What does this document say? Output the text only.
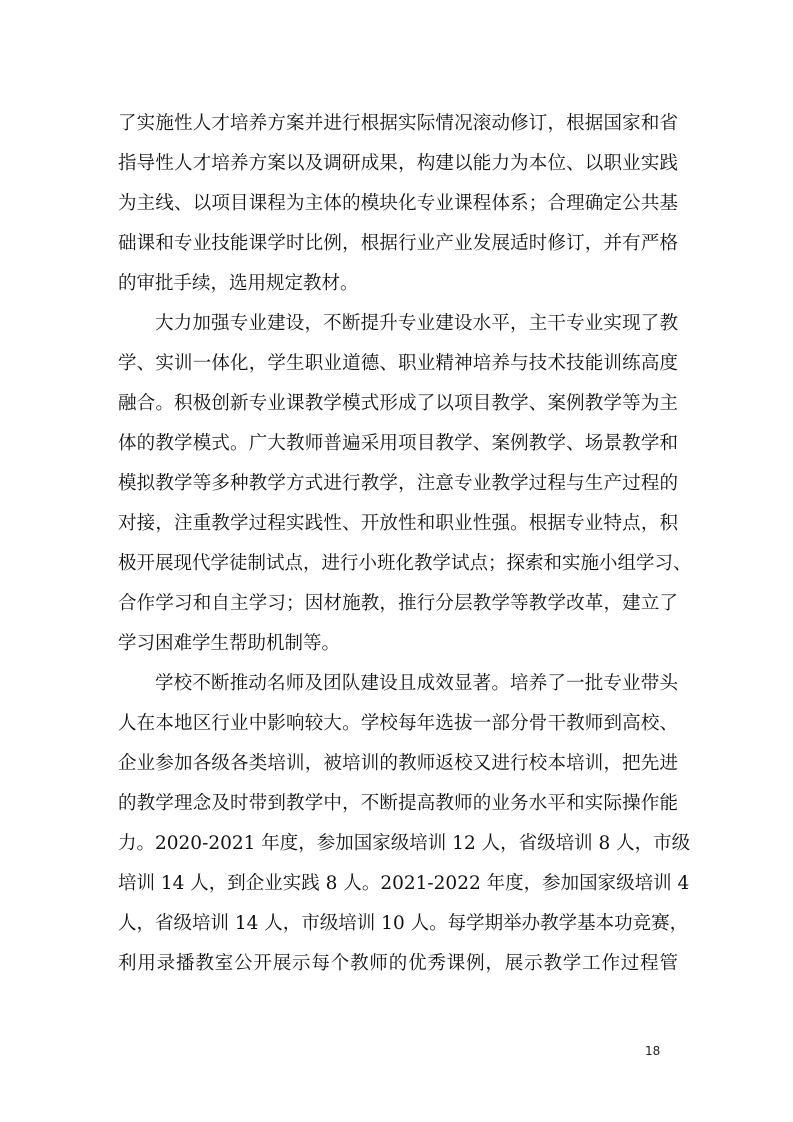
了实施性人才培养方案并进行根据实际情况滚动修订，根据国家和省
指导性人才培养方案以及调研成果，构建以能力为本位、以职业实践
为主线、以项目课程为主体的模块化专业课程体系；合理确定公共基
础课和专业技能课学时比例，根据行业产业发展适时修订，并有严格
的审批手续，选用规定教材。

大力加强专业建设，不断提升专业建设水平，主干专业实现了教
学、实训一体化，学生职业道德、职业精神培养与技术技能训练高度
融合。积极创新专业课教学模式形成了以项目教学、案例教学等为主
体的教学模式。广大教师普遍采用项目教学、案例教学、场景教学和
模拟教学等多种教学方式进行教学，注意专业教学过程与生产过程的
对接，注重教学过程实践性、开放性和职业性强。根据专业特点，积
极开展现代学徒制试点，进行小班化教学试点；探索和实施小组学习、
合作学习和自主学习；因材施教，推行分层教学等教学改革，建立了
学习困难学生帮助机制等。

学校不断推动名师及团队建设且成效显著。培养了一批专业带头
人在本地区行业中影响较大。学校每年选拔一部分骨干教师到高校、
企业参加各级各类培训，被培训的教师返校又进行校本培训，把先进
的教学理念及时带到教学中，不断提高教师的业务水平和实际操作能
力。2020-2021 年度，参加国家级培训 12 人，省级培训 8 人，市级
培训 14 人，到企业实践 8 人。2021-2022 年度，参加国家级培训 4
人，省级培训 14 人，市级培训 10 人。每学期举办教学基本功竞赛，
利用录播教室公开展示每个教师的优秀课例，展示教学工作过程管

18
